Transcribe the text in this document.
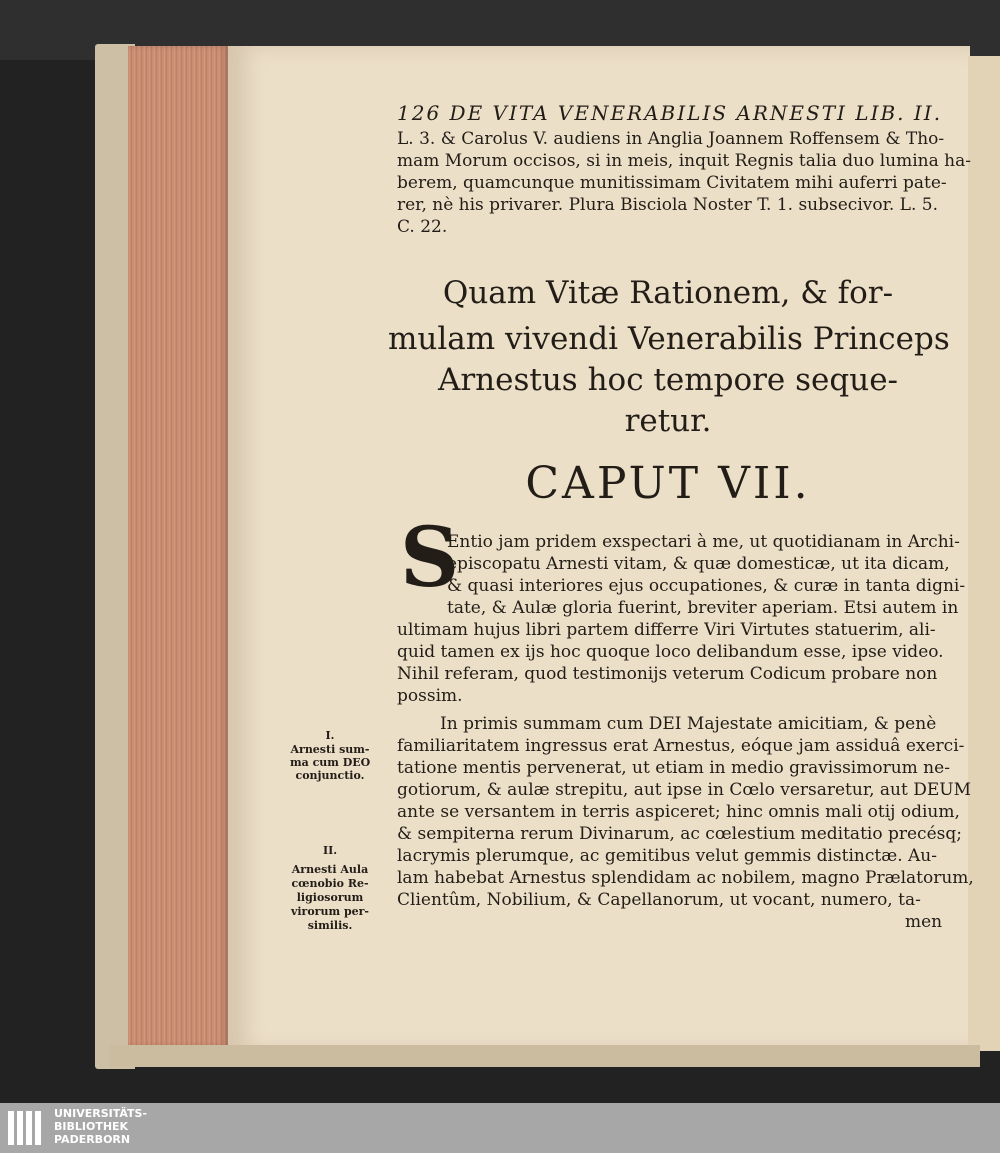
126 DE VITA VENERABILIS ARNESTI LIB. II.
L. 3. & Carolus V. audiens in Anglia Joannem Roffensem & Tho-
mam Morum occisos, si in meis, inquit Regnis talia duo lumina ha-
berem, quamcunque munitissimam Civitatem mihi auferri pate-
rer, nè his privarer. Plura Bisciola Noster T. 1. subsecivor. L. 5.
C. 22.
Quam Vitæ Rationem, & for-
mulam vivendi Venerabilis Princeps
Arnestus hoc tempore seque-
retur.
CAPUT VII.
S
Entio jam pridem exspectari à me, ut quotidianam in Archi-
episcopatu Arnesti vitam, & quæ domesticæ, ut ita dicam,
& quasi interiores ejus occupationes, & curæ in tanta digni-
tate, & Aulæ gloria fuerint, breviter aperiam. Etsi autem in
ultimam hujus libri partem differre Viri Virtutes statuerim, ali-
quid tamen ex ijs hoc quoque loco delibandum esse, ipse video.
Nihil referam, quod testimonijs veterum Codicum probare non
possim.
In primis summam cum DEI Majestate amicitiam, & penè
familiaritatem ingressus erat Arnestus, eóque jam assiduâ exerci-
tatione mentis pervenerat, ut etiam in medio gravissimorum ne-
gotiorum, & aulæ strepitu, aut ipse in Cœlo versaretur, aut DEUM
ante se versantem in terris aspiceret; hinc omnis mali otij odium,
& sempiterna rerum Divinarum, ac cœlestium meditatio precésq;
lacrymis plerumque, ac gemitibus velut gemmis distinctæ. Au-
lam habebat Arnestus splendidam ac nobilem, magno Prælatorum,
Clientûm, Nobilium, & Capellanorum, ut vocant, numero, ta-
men
I.
Arnesti sum-
ma cum DEO
conjunctio.
II.
Arnesti Aula
cœnobio Re-
ligiosorum
virorum per-
similis.
UNIVERSITÄTS-
BIBLIOTHEK
PADERBORN
